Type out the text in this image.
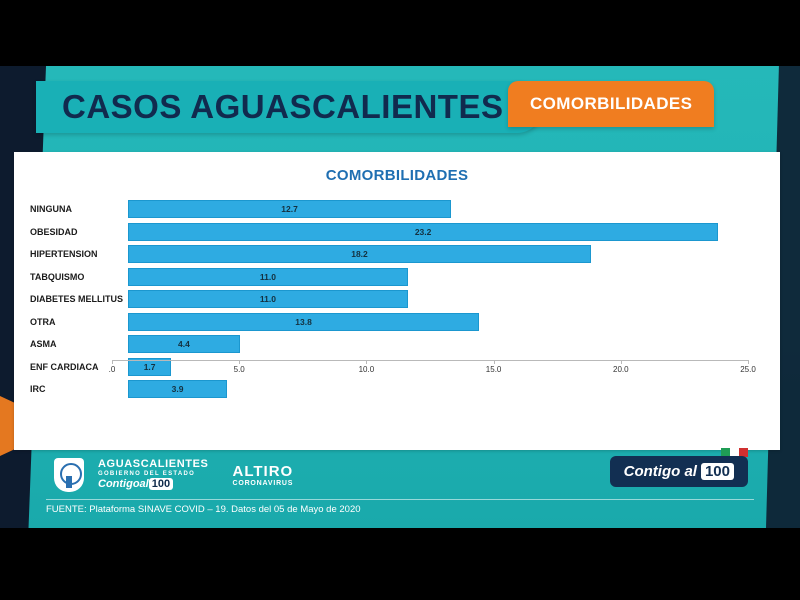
CASOS AGUASCALIENTES COMORBILIDADES
COMORBILIDADES
NINGUNA	12.7
OBESIDAD	23.2
HIPERTENSION	18.2
TABQUISMO	11.0
DIABETES MELLITUS	11.0
OTRA	13.8
ASMA	4.4
ENF CARDIACA	1.7
IRC	3.9
.0	5.0	10.0	15.0	20.0	25.0
AGUASCALIENTES
GOBIERNO DEL ESTADO
Contigoal 100
ALTIRO
CORONAVIRUS
Contigo al 100
FUENTE: Plataforma SINAVE COVID – 19. Datos del 05 de Mayo de 2020
